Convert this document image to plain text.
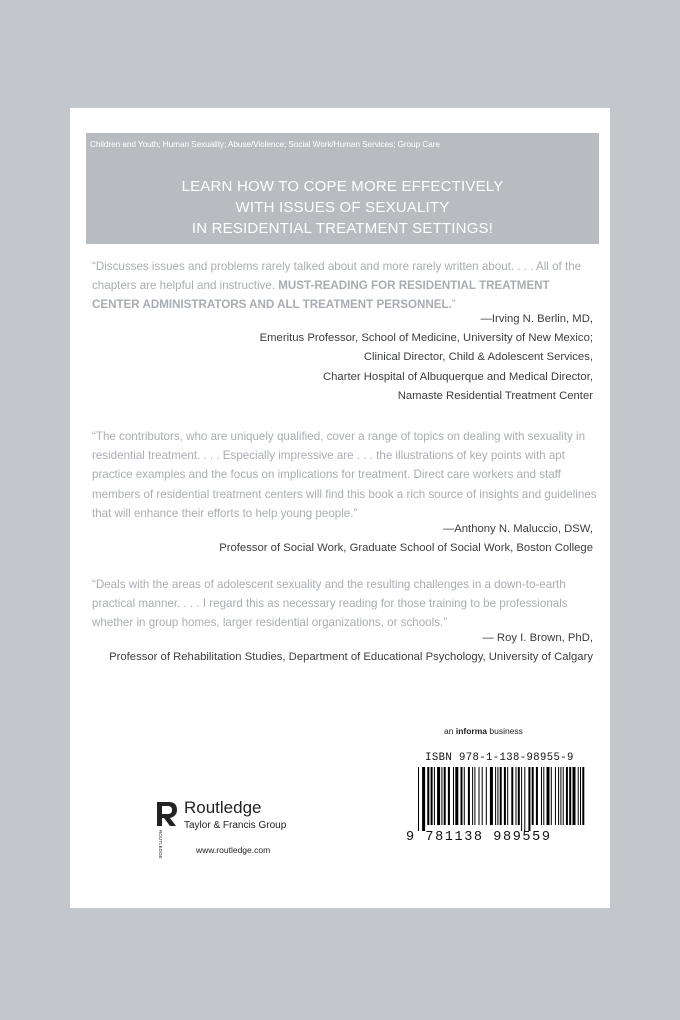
Children and Youth; Human Sexuality; Abuse/Violence; Social Work/Human Services; Group Care
LEARN HOW TO COPE MORE EFFECTIVELY
WITH ISSUES OF SEXUALITY
IN RESIDENTIAL TREATMENT SETTINGS!
“Discusses issues and problems rarely talked about and more rarely written about. . . . All of the chapters are helpful and instructive. MUST-READING FOR RESIDENTIAL TREATMENT CENTER ADMINISTRATORS AND ALL TREATMENT PERSONNEL.”
—Irving N. Berlin, MD,
Emeritus Professor, School of Medicine, University of New Mexico;
Clinical Director, Child & Adolescent Services,
Charter Hospital of Albuquerque and Medical Director,
Namaste Residential Treatment Center
“The contributors, who are uniquely qualified, cover a range of topics on dealing with sexuality in residential treatment. . . . Especially impressive are . . . the illustrations of key points with apt practice examples and the focus on implications for treatment. Direct care workers and staff members of residential treatment centers will find this book a rich source of insights and guidelines that will enhance their efforts to help young people.”
—Anthony N. Maluccio, DSW,
Professor of Social Work, Graduate School of Social Work, Boston College
“Deals with the areas of adolescent sexuality and the resulting challenges in a down-to-earth practical manner. . . . I regard this as necessary reading for those training to be professionals whether in group homes, larger residential organizations, or schools.”
— Roy I. Brown, PhD,
Professor of Rehabilitation Studies, Department of Educational Psychology, University of Calgary
an informa business
ROUTLEDGE
Routledge
Taylor & Francis Group
www.routledge.com
ISBN 978-1-138-98955-9
9 781138 989559
